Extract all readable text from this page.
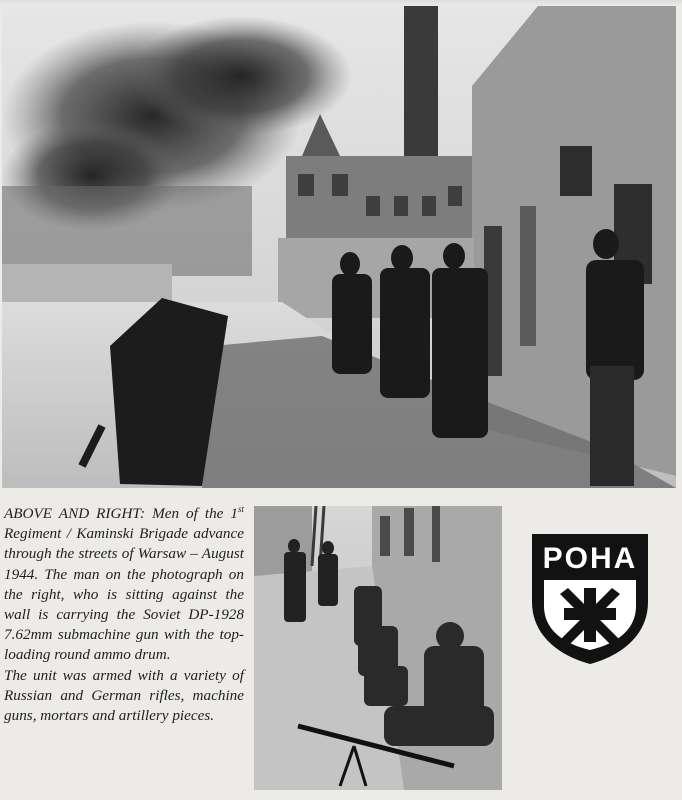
ABOVE AND RIGHT: Men of the 1st Regiment / Kaminski Brigade advance through the streets of Warsaw – August 1944. The man on the photograph on the right, who is sitting against the wall is carrying the Soviet DP-1928 7.62mm submachine gun with the top-loading round ammo drum.

The unit was armed with a variety of Russian and German rifles, machine guns, mortars and artillery pieces.

POHA
